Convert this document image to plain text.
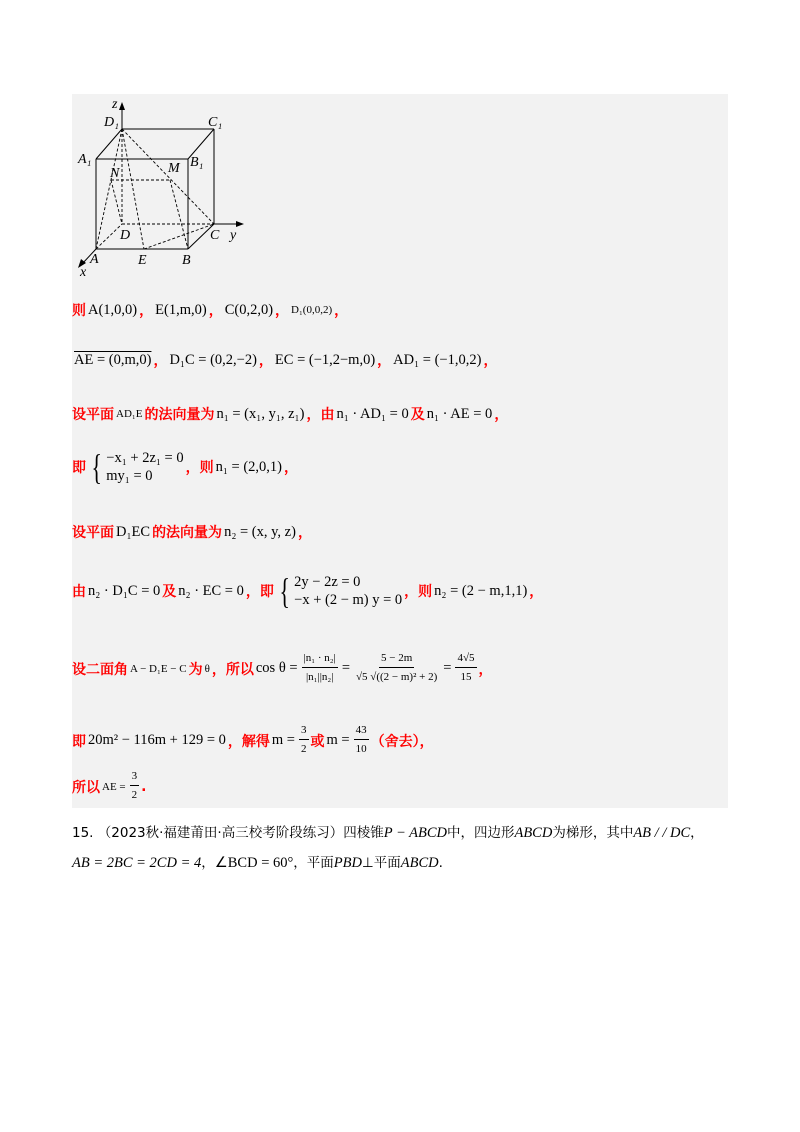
z
D₁	C₁
A₁
M B₁
N
D	C y
A	E	B
x
则 A(1,0,0) ， E(1,m,0) ， C(0,2,0) ， D₁(0,0,2) ，
AE = (0,m,0) ， D₁C = (0,2,−2) ， EC = (−1,2−m,0) ， AD₁ = (−1,0,2) ，
设平面 AD₁E 的法向量为 n₁ = (x₁, y₁, z₁) ，由 n₁ · AD₁ = 0 及 n₁ · AE = 0 ，
即 { −x₁ + 2z₁ = 0
my₁ = 0	，则 n₁ = (2,0,1) ，
设平面 D₁EC 的法向量为 n₂ = (x, y, z) ，
由 n₂ · D₁C = 0 及 n₂ · EC = 0 ，即 { 2y − 2z = 0
−x + (2 − m) y = 0 ，则 n₂ = (2 − m,1,1) ，
设二面角 A − D₁E − C 为 θ ，所以 $\cos \theta = \frac{\text{|n₁ · n₂|}}{\text{|n₁||n₂|}} = \frac{5 - 2m}{\text{√5 √((2 − m)² + 2)}} = \frac{4√5}{15}$ ，
即 20m² − 116m + 129 = 0 ，解得 $m = \frac{3}{2}$ 或 $m = \frac{43}{10}$ （舍去），
所以 AE = $\frac{3}{2}$ .
15. （2023秋·福建莆田·高三校考阶段练习）四棱锥P − ABCD中，四边形ABCD为梯形，其中AB / / DC，
AB = 2BC = 2CD = 4，∠BCD = 60°，平面PBD⊥平面ABCD.
